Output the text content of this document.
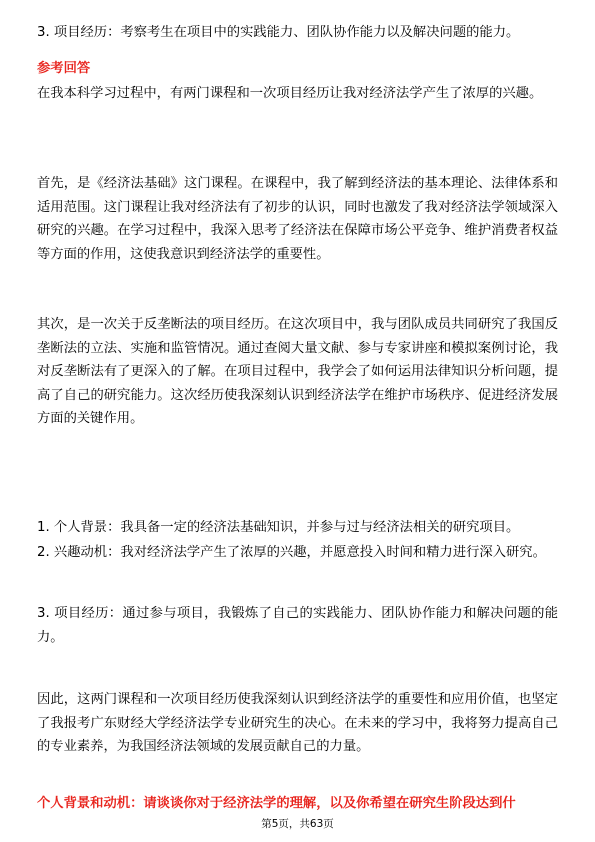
3. 项目经历：考察考生在项目中的实践能力、团队协作能力以及解决问题的能力。
参考回答
在我本科学习过程中，有两门课程和一次项目经历让我对经济法学产生了浓厚的兴趣。
首先，是《经济法基础》这门课程。在课程中，我了解到经济法的基本理论、法律体系和适用范围。这门课程让我对经济法有了初步的认识，同时也激发了我对经济法学领域深入研究的兴趣。在学习过程中，我深入思考了经济法在保障市场公平竞争、维护消费者权益等方面的作用，这使我意识到经济法学的重要性。
其次，是一次关于反垄断法的项目经历。在这次项目中，我与团队成员共同研究了我国反垄断法的立法、实施和监管情况。通过查阅大量文献、参与专家讲座和模拟案例讨论，我对反垄断法有了更深入的了解。在项目过程中，我学会了如何运用法律知识分析问题，提高了自己的研究能力。这次经历使我深刻认识到经济法学在维护市场秩序、促进经济发展方面的关键作用。
1. 个人背景：我具备一定的经济法基础知识，并参与过与经济法相关的研究项目。
2. 兴趣动机：我对经济法学产生了浓厚的兴趣，并愿意投入时间和精力进行深入研究。
3. 项目经历：通过参与项目，我锻炼了自己的实践能力、团队协作能力和解决问题的能力。
因此，这两门课程和一次项目经历使我深刻认识到经济法学的重要性和应用价值，也坚定了我报考广东财经大学经济法学专业研究生的决心。在未来的学习中，我将努力提高自己的专业素养，为我国经济法领域的发展贡献自己的力量。
个人背景和动机：请谈谈你对于经济法学的理解，以及你希望在研究生阶段达到什
第5页，共63页
